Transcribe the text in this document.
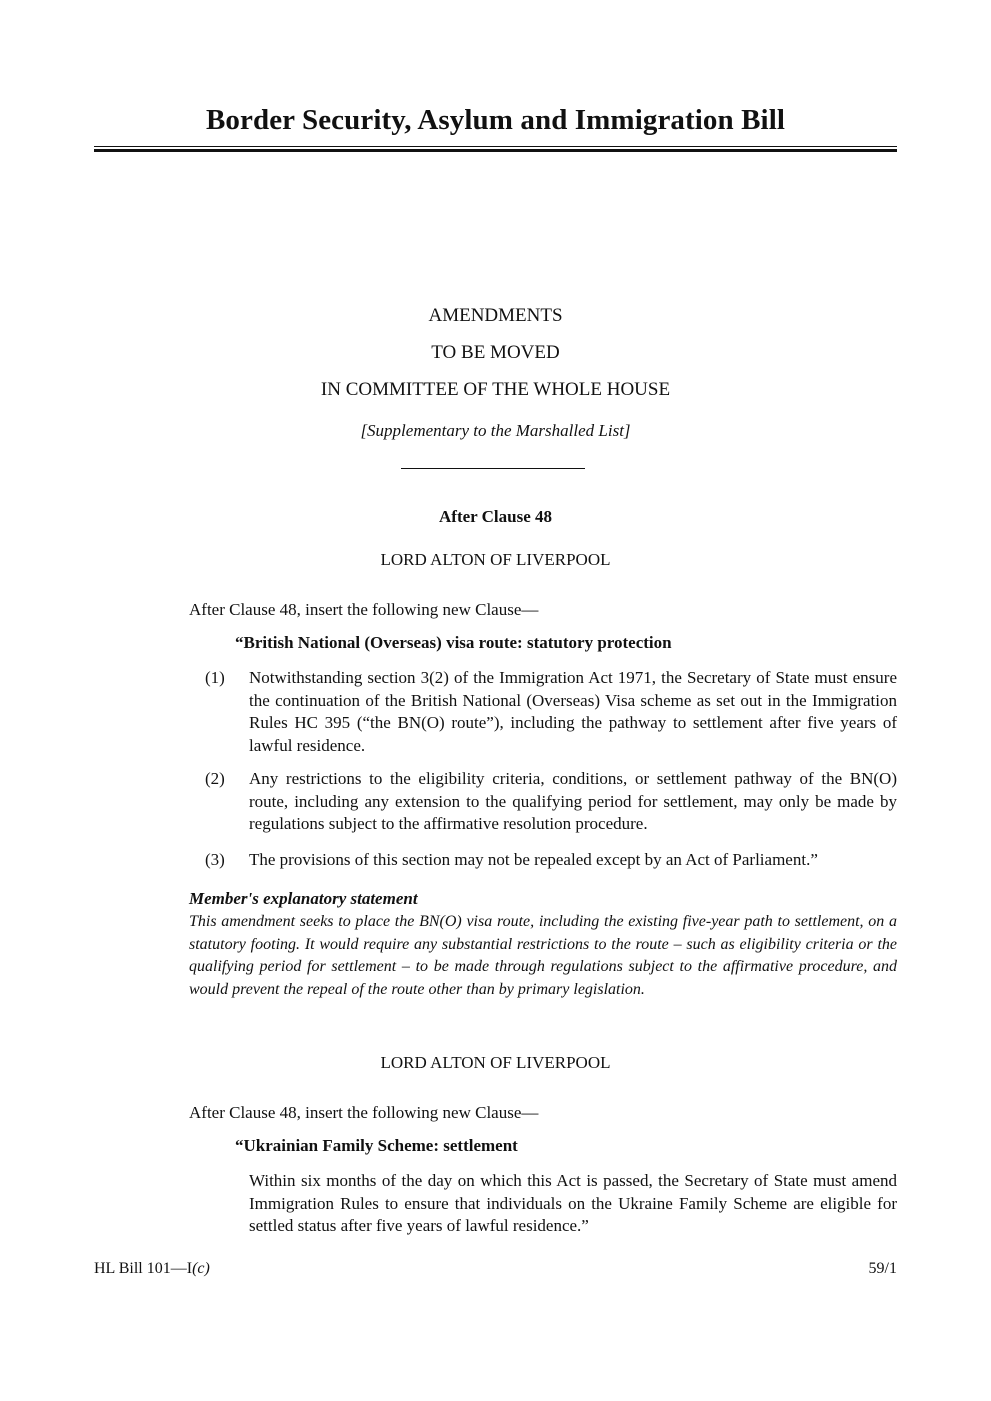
Border Security, Asylum and Immigration Bill
AMENDMENTS
TO BE MOVED
IN COMMITTEE OF THE WHOLE HOUSE
[Supplementary to the Marshalled List]
After Clause 48
LORD ALTON OF LIVERPOOL
After Clause 48, insert the following new Clause—
“British National (Overseas) visa route: statutory protection
(1)	Notwithstanding section 3(2) of the Immigration Act 1971, the Secretary of State must ensure the continuation of the British National (Overseas) Visa scheme as set out in the Immigration Rules HC 395 (“the BN(O) route”), including the pathway to settlement after five years of lawful residence.
(2)	Any restrictions to the eligibility criteria, conditions, or settlement pathway of the BN(O) route, including any extension to the qualifying period for settlement, may only be made by regulations subject to the affirmative resolution procedure.
(3)	The provisions of this section may not be repealed except by an Act of Parliament.”
Member's explanatory statement
This amendment seeks to place the BN(O) visa route, including the existing five-year path to settlement, on a statutory footing. It would require any substantial restrictions to the route – such as eligibility criteria or the qualifying period for settlement – to be made through regulations subject to the affirmative procedure, and would prevent the repeal of the route other than by primary legislation.
LORD ALTON OF LIVERPOOL
After Clause 48, insert the following new Clause—
“Ukrainian Family Scheme: settlement
Within six months of the day on which this Act is passed, the Secretary of State must amend Immigration Rules to ensure that individuals on the Ukraine Family Scheme are eligible for settled status after five years of lawful residence.”
HL Bill 101—I(c)	59/1
